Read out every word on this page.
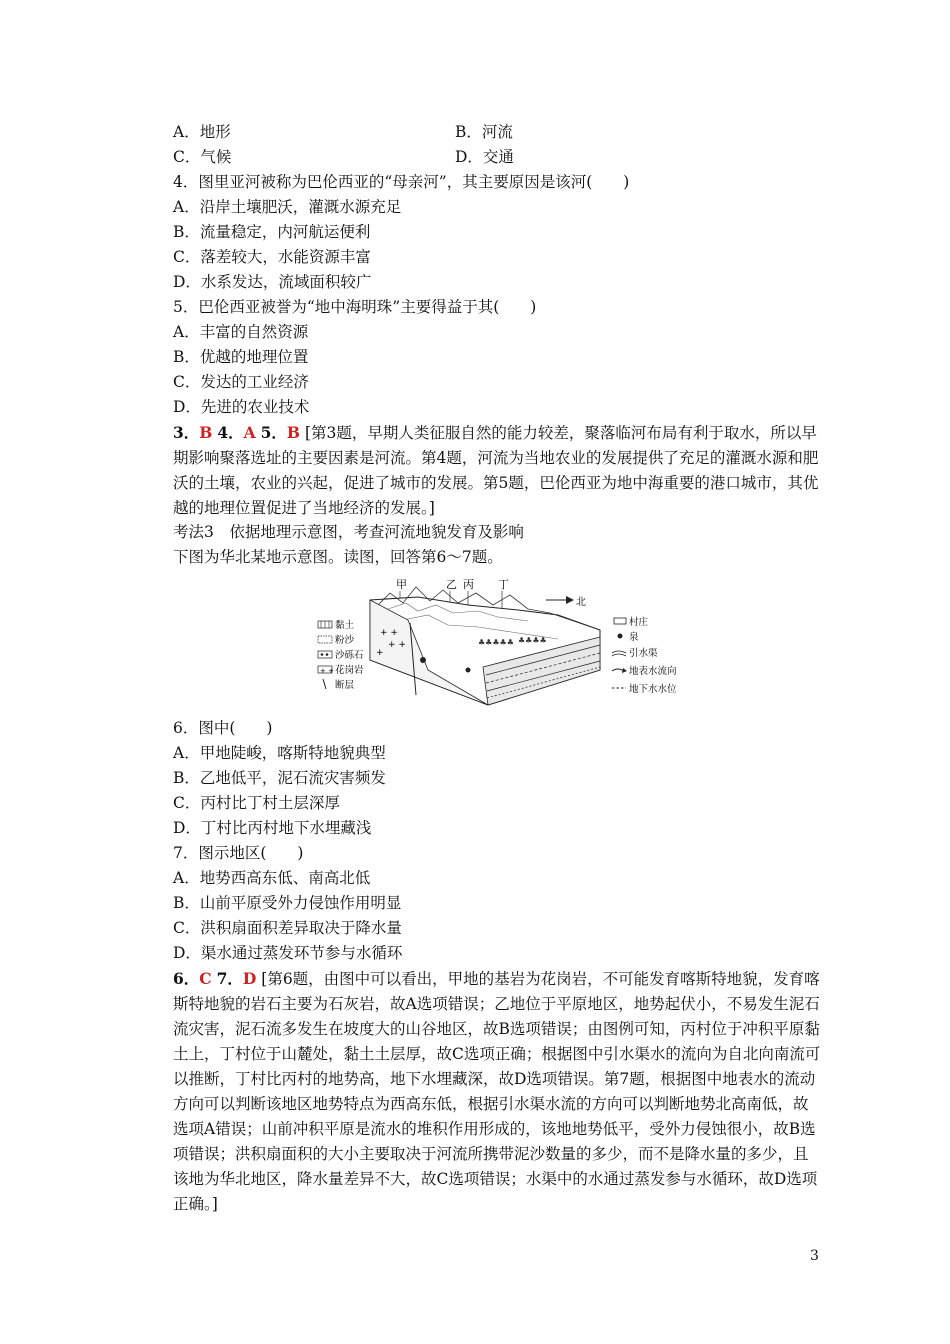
A．地形	B．河流
C．气候	D．交通
4．图里亚河被称为巴伦西亚的“母亲河”，其主要原因是该河(　　)
A．沿岸土壤肥沃，灌溉水源充足
B．流量稳定，内河航运便利
C．落差较大，水能资源丰富
D．水系发达，流域面积较广
5．巴伦西亚被誉为“地中海明珠”主要得益于其(　　)
A．丰富的自然资源
B．优越的地理位置
C．发达的工业经济
D．先进的农业技术
3．B 4．A 5．B [第3题，早期人类征服自然的能力较差，聚落临河布局有利于取水，所以早期影响聚落选址的主要因素是河流。第4题，河流为当地农业的发展提供了充足的灌溉水源和肥沃的土壤，农业的兴起，促进了城市的发展。第5题，巴伦西亚为地中海重要的港口城市，其优越的地理位置促进了当地经济的发展。]
考法3　依据地理示意图，考查河流地貌发育及影响
下图为华北某地示意图。读图，回答第6～7题。
甲	乙 丙 丁
北
+ +
+ +
+
♣♣♣♣♣ ♣♣♣♣
黏土
粉沙
沙砾石
+ + 花岗岩
断层
村庄
泉
引水渠
地表水流向
地下水水位
6．图中(　　)
A．甲地陡峻，喀斯特地貌典型
B．乙地低平，泥石流灾害频发
C．丙村比丁村土层深厚
D．丁村比丙村地下水埋藏浅
7．图示地区(　　)
A．地势西高东低、南高北低
B．山前平原受外力侵蚀作用明显
C．洪积扇面积差异取决于降水量
D．渠水通过蒸发环节参与水循环
6．C 7．D [第6题，由图中可以看出，甲地的基岩为花岗岩，不可能发育喀斯特地貌，发育喀斯特地貌的岩石主要为石灰岩，故A选项错误；乙地位于平原地区，地势起伏小，不易发生泥石流灾害，泥石流多发生在坡度大的山谷地区，故B选项错误；由图例可知，丙村位于冲积平原黏土上，丁村位于山麓处，黏土土层厚，故C选项正确；根据图中引水渠水的流向为自北向南流可以推断，丁村比丙村的地势高，地下水埋藏深，故D选项错误。第7题，根据图中地表水的流动方向可以判断该地区地势特点为西高东低，根据引水渠水流的方向可以判断地势北高南低，故选项A错误；山前冲积平原是流水的堆积作用形成的，该地地势低平，受外力侵蚀很小，故B选项错误；洪积扇面积的大小主要取决于河流所携带泥沙数量的多少，而不是降水量的多少，且该地为华北地区，降水量差异不大，故C选项错误；水渠中的水通过蒸发参与水循环，故D选项正确。]
3
